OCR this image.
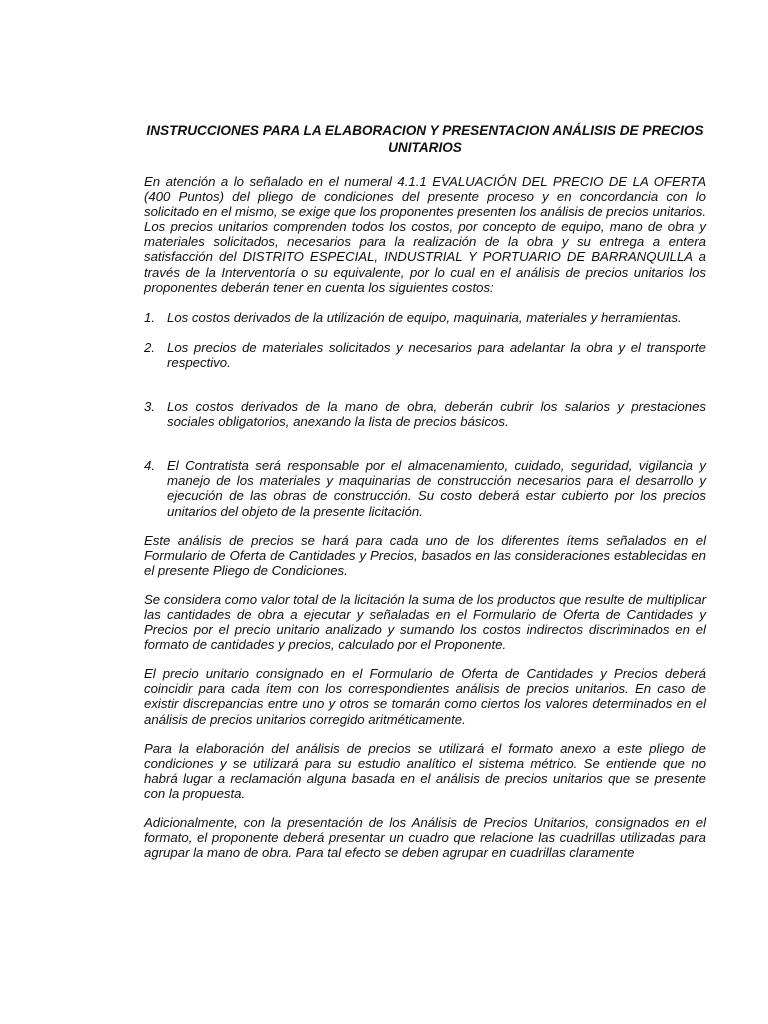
INSTRUCCIONES PARA LA ELABORACION Y PRESENTACION ANÁLISIS DE PRECIOS UNITARIOS

En atención a lo señalado en el numeral 4.1.1 EVALUACIÓN DEL PRECIO DE LA OFERTA (400 Puntos) del pliego de condiciones del presente proceso y en concordancia con lo solicitado en el mismo, se exige que los proponentes presenten los análisis de precios unitarios. Los precios unitarios comprenden todos los costos, por concepto de equipo, mano de obra y materiales solicitados, necesarios para la realización de la obra y su entrega a entera satisfacción del DISTRITO ESPECIAL, INDUSTRIAL Y PORTUARIO DE BARRANQUILLA a través de la Interventoría o su equivalente, por lo cual en el análisis de precios unitarios los proponentes deberán tener en cuenta los siguientes costos:

1. Los costos derivados de la utilización de equipo, maquinaria, materiales y herramientas.
2. Los precios de materiales solicitados y necesarios para adelantar la obra y el transporte respectivo.
3. Los costos derivados de la mano de obra, deberán cubrir los salarios y prestaciones sociales obligatorios, anexando la lista de precios básicos.
4. El Contratista será responsable por el almacenamiento, cuidado, seguridad, vigilancia y manejo de los materiales y maquinarias de construcción necesarios para el desarrollo y ejecución de las obras de construcción. Su costo deberá estar cubierto por los precios unitarios del objeto de la presente licitación.

Este análisis de precios se hará para cada uno de los diferentes ítems señalados en el Formulario de Oferta de Cantidades y Precios, basados en las consideraciones establecidas en el presente Pliego de Condiciones.

Se considera como valor total de la licitación la suma de los productos que resulte de multiplicar las cantidades de obra a ejecutar y señaladas en el Formulario de Oferta de Cantidades y Precios por el precio unitario analizado y sumando los costos indirectos discriminados en el formato de cantidades y precios, calculado por el Proponente.

El precio unitario consignado en el Formulario de Oferta de Cantidades y Precios deberá coincidir para cada ítem con los correspondientes análisis de precios unitarios. En caso de existir discrepancias entre uno y otros se tomarán como ciertos los valores determinados en el análisis de precios unitarios corregido aritméticamente.

Para la elaboración del análisis de precios se utilizará el formato anexo a este pliego de condiciones y se utilizará para su estudio analítico el sistema métrico. Se entiende que no habrá lugar a reclamación alguna basada en el análisis de precios unitarios que se presente con la propuesta.

Adicionalmente, con la presentación de los Análisis de Precios Unitarios, consignados en el formato, el proponente deberá presentar un cuadro que relacione las cuadrillas utilizadas para agrupar la mano de obra. Para tal efecto se deben agrupar en cuadrillas claramente
